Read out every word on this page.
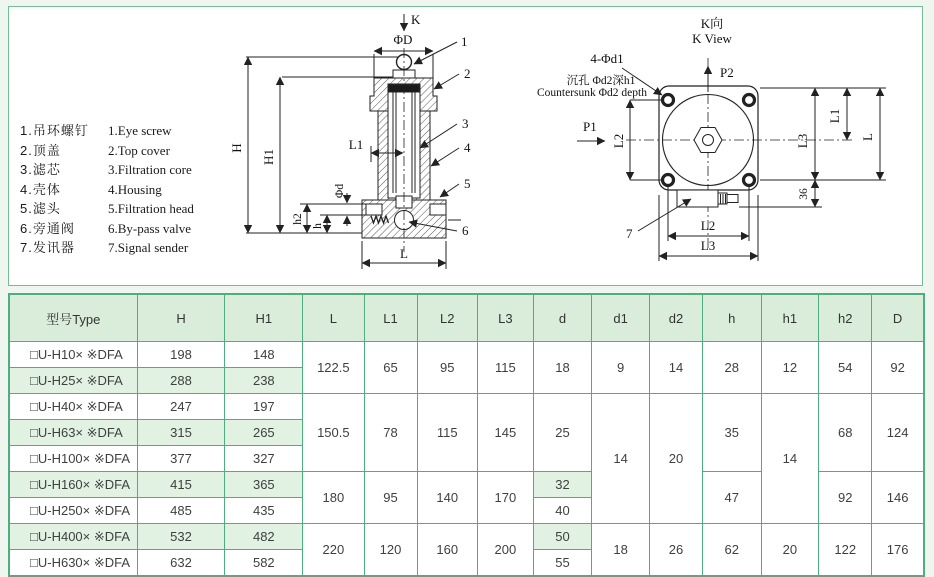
1.吊环螺钉	1.Eye screw
2.顶盖	2.Top cover
3.滤芯	3.Filtration core
4.壳体	4.Housing
5.滤头	5.Filtration head
6.旁通阀	6.By-pass valve
7.发讯器	7.Signal sender
K
ΦD
H
H1
L1
Φd
h2
h
L
1
2
3
4
5
6
K向
K View
P2
P1
4-Φd1
沉孔 Φd2深h1
Countersunk Φd2 depth
L2	L3
36
L1
L
L2
L3
7
型号Type	H	H1	L	L1	L2	L3	d	d1	d2	h	h1	h2	D
□U-H10× ※DFA	198	148	122.5	65	95	115	18	9	14	28	12	54	92
□U-H25× ※DFA	288	238											
□U-H40× ※DFA	247	197	150.5	78	115	145	25	14	20	35	14	68	124
□U-H63× ※DFA	315	265											
□U-H100× ※DFA	377	327											
□U-H160× ※DFA	415	365	180	95	140	170	32			47		92	146
□U-H250× ※DFA	485	435					40						
□U-H400× ※DFA	532	482	220	120	160	200	50	18	26	62	20	122	176
□U-H630× ※DFA	632	582					55						
